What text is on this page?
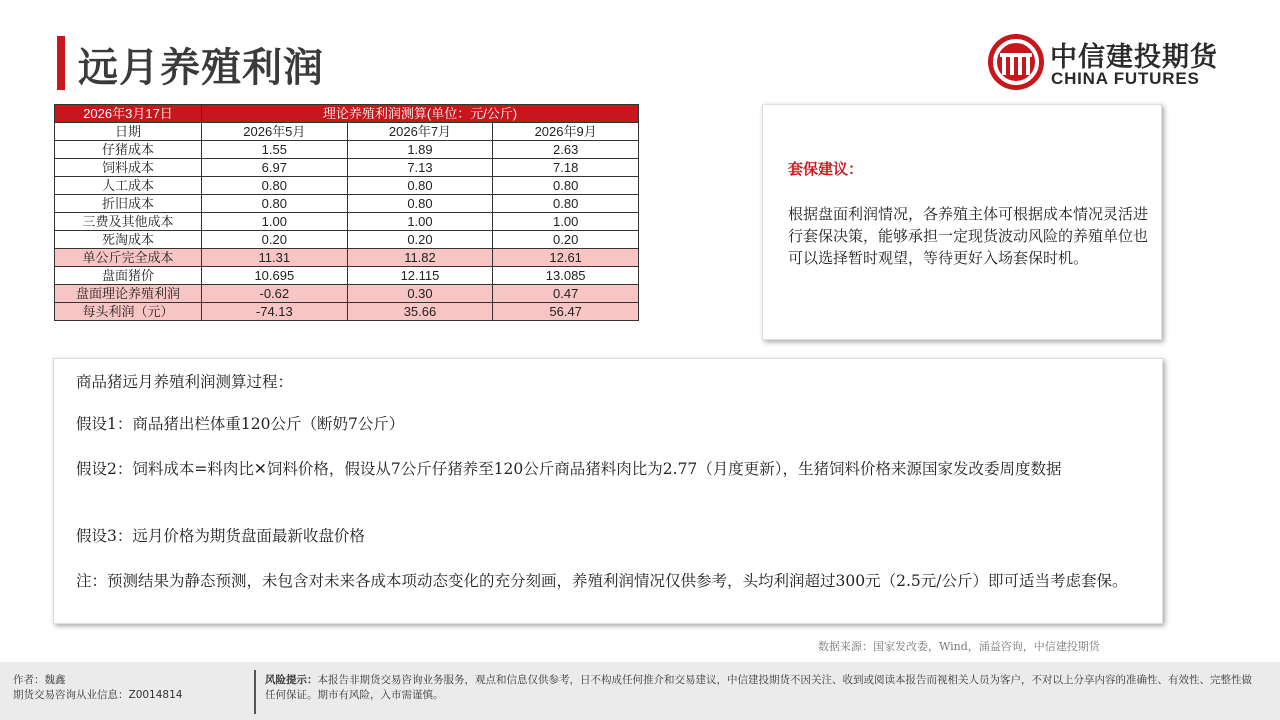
远月养殖利润	中信建投期货
CHINA FUTURES
2026年3月17日	理论养殖利润测算(单位：元/公斤)		
日期	2026年5月	2026年7月	2026年9月
仔猪成本	1.55	1.89	2.63
饲料成本	6.97	7.13	7.18
人工成本	0.80	0.80	0.80
折旧成本	0.80	0.80	0.80
三费及其他成本	1.00	1.00	1.00
死淘成本	0.20	0.20	0.20
单公斤完全成本	11.31	11.82	12.61
盘面猪价	10.695	12.115	13.085
盘面理论养殖利润	-0.62	0.30	0.47
每头利润（元）	-74.13	35.66	56.47
套保建议：
根据盘面利润情况，各养殖主体可根据成本情况灵活进行套保决策，能够承担一定现货波动风险的养殖单位也可以选择暂时观望，等待更好入场套保时机。

商品猪远月养殖利润测算过程：

假设1：商品猪出栏体重120公斤（断奶7公斤）

假设2：饲料成本=料肉比✕饲料价格，假设从7公斤仔猪养至120公斤商品猪料肉比为2.77（月度更新），生猪饲料价格来源国家发改委周度数据

假设3：远月价格为期货盘面最新收盘价格

注：预测结果为静态预测，未包含对未来各成本项动态变化的充分刻画，养殖利润情况仅供参考，头均利润超过300元（2.5元/公斤）即可适当考虑套保。

数据来源：国家发改委，Wind，涌益咨询，中信建投期货
作者：魏鑫
期货交易咨询从业信息：Z0014814
风险提示：本报告非期货交易咨询业务服务，观点和信息仅供参考，日不构成任何推介和交易建议，中信建投期货不因关注、收到或阅读本报告而视相关人员为客户，不对以上分享内容的准确性、有效性、完整性做任何保证。期市有风险，入市需谨慎。
